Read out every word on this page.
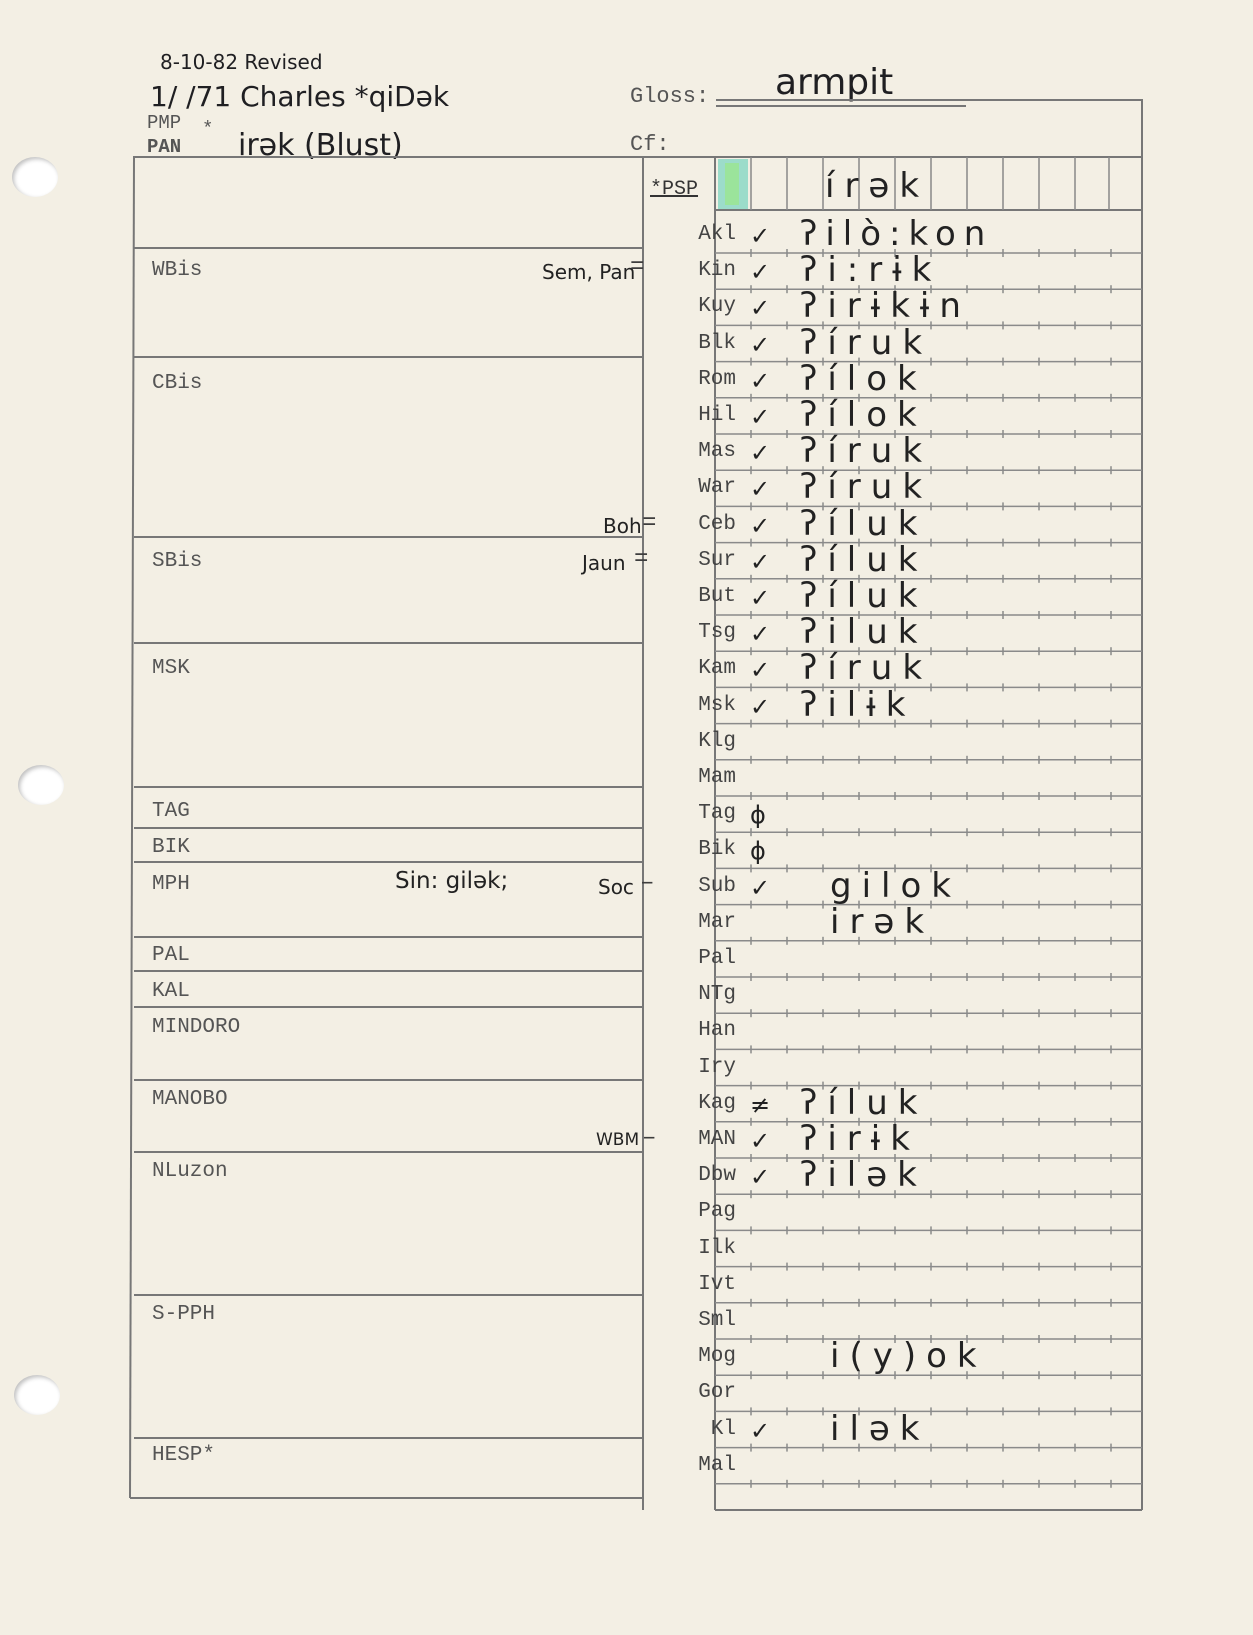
8-10-82 Revised
1/ /71 Charles *qiDək
PMP
PAN
* irək (Blust)
Gloss: armpit
Cf:
WBis
CBis
SBis
MSK
TAG
BIK
MPH
PAL
KAL
MINDORO
MANOBO
NLuzon
S-PPH
HESP*
Sem, Pan
Boh
Jaun
Soc
WBM
Sin: gilək;
=
=
=
–
–
*PSP	írək
Akl ✓ ʔilò:kon
Kin ✓ ʔi:rɨk
Kuy ✓ ʔirɨkɨn
Blk ✓ ʔíruk
Rom ✓ ʔílok
Hil ✓ ʔílok
Mas ✓ ʔíruk
War ✓ ʔíruk
Ceb ✓ ʔíluk
Sur ✓ ʔíluk
But ✓ ʔíluk
Tsg ✓ ʔiluk
Kam ✓ ʔíruk
Msk ✓ ʔilɨk
Klg
Mam
Tag ϕ
Bik ϕ
Sub ✓ gilok
Mar	irək
Pal
NTg
Han
Iry
Kag ≠ ʔíluk
MAN ✓ ʔirɨk
Dbw ✓ ʔilək
Pag
Ilk
Ivt
Sml
Mog	i(y)ok
Gor
Kl ✓ ilək
Mal
